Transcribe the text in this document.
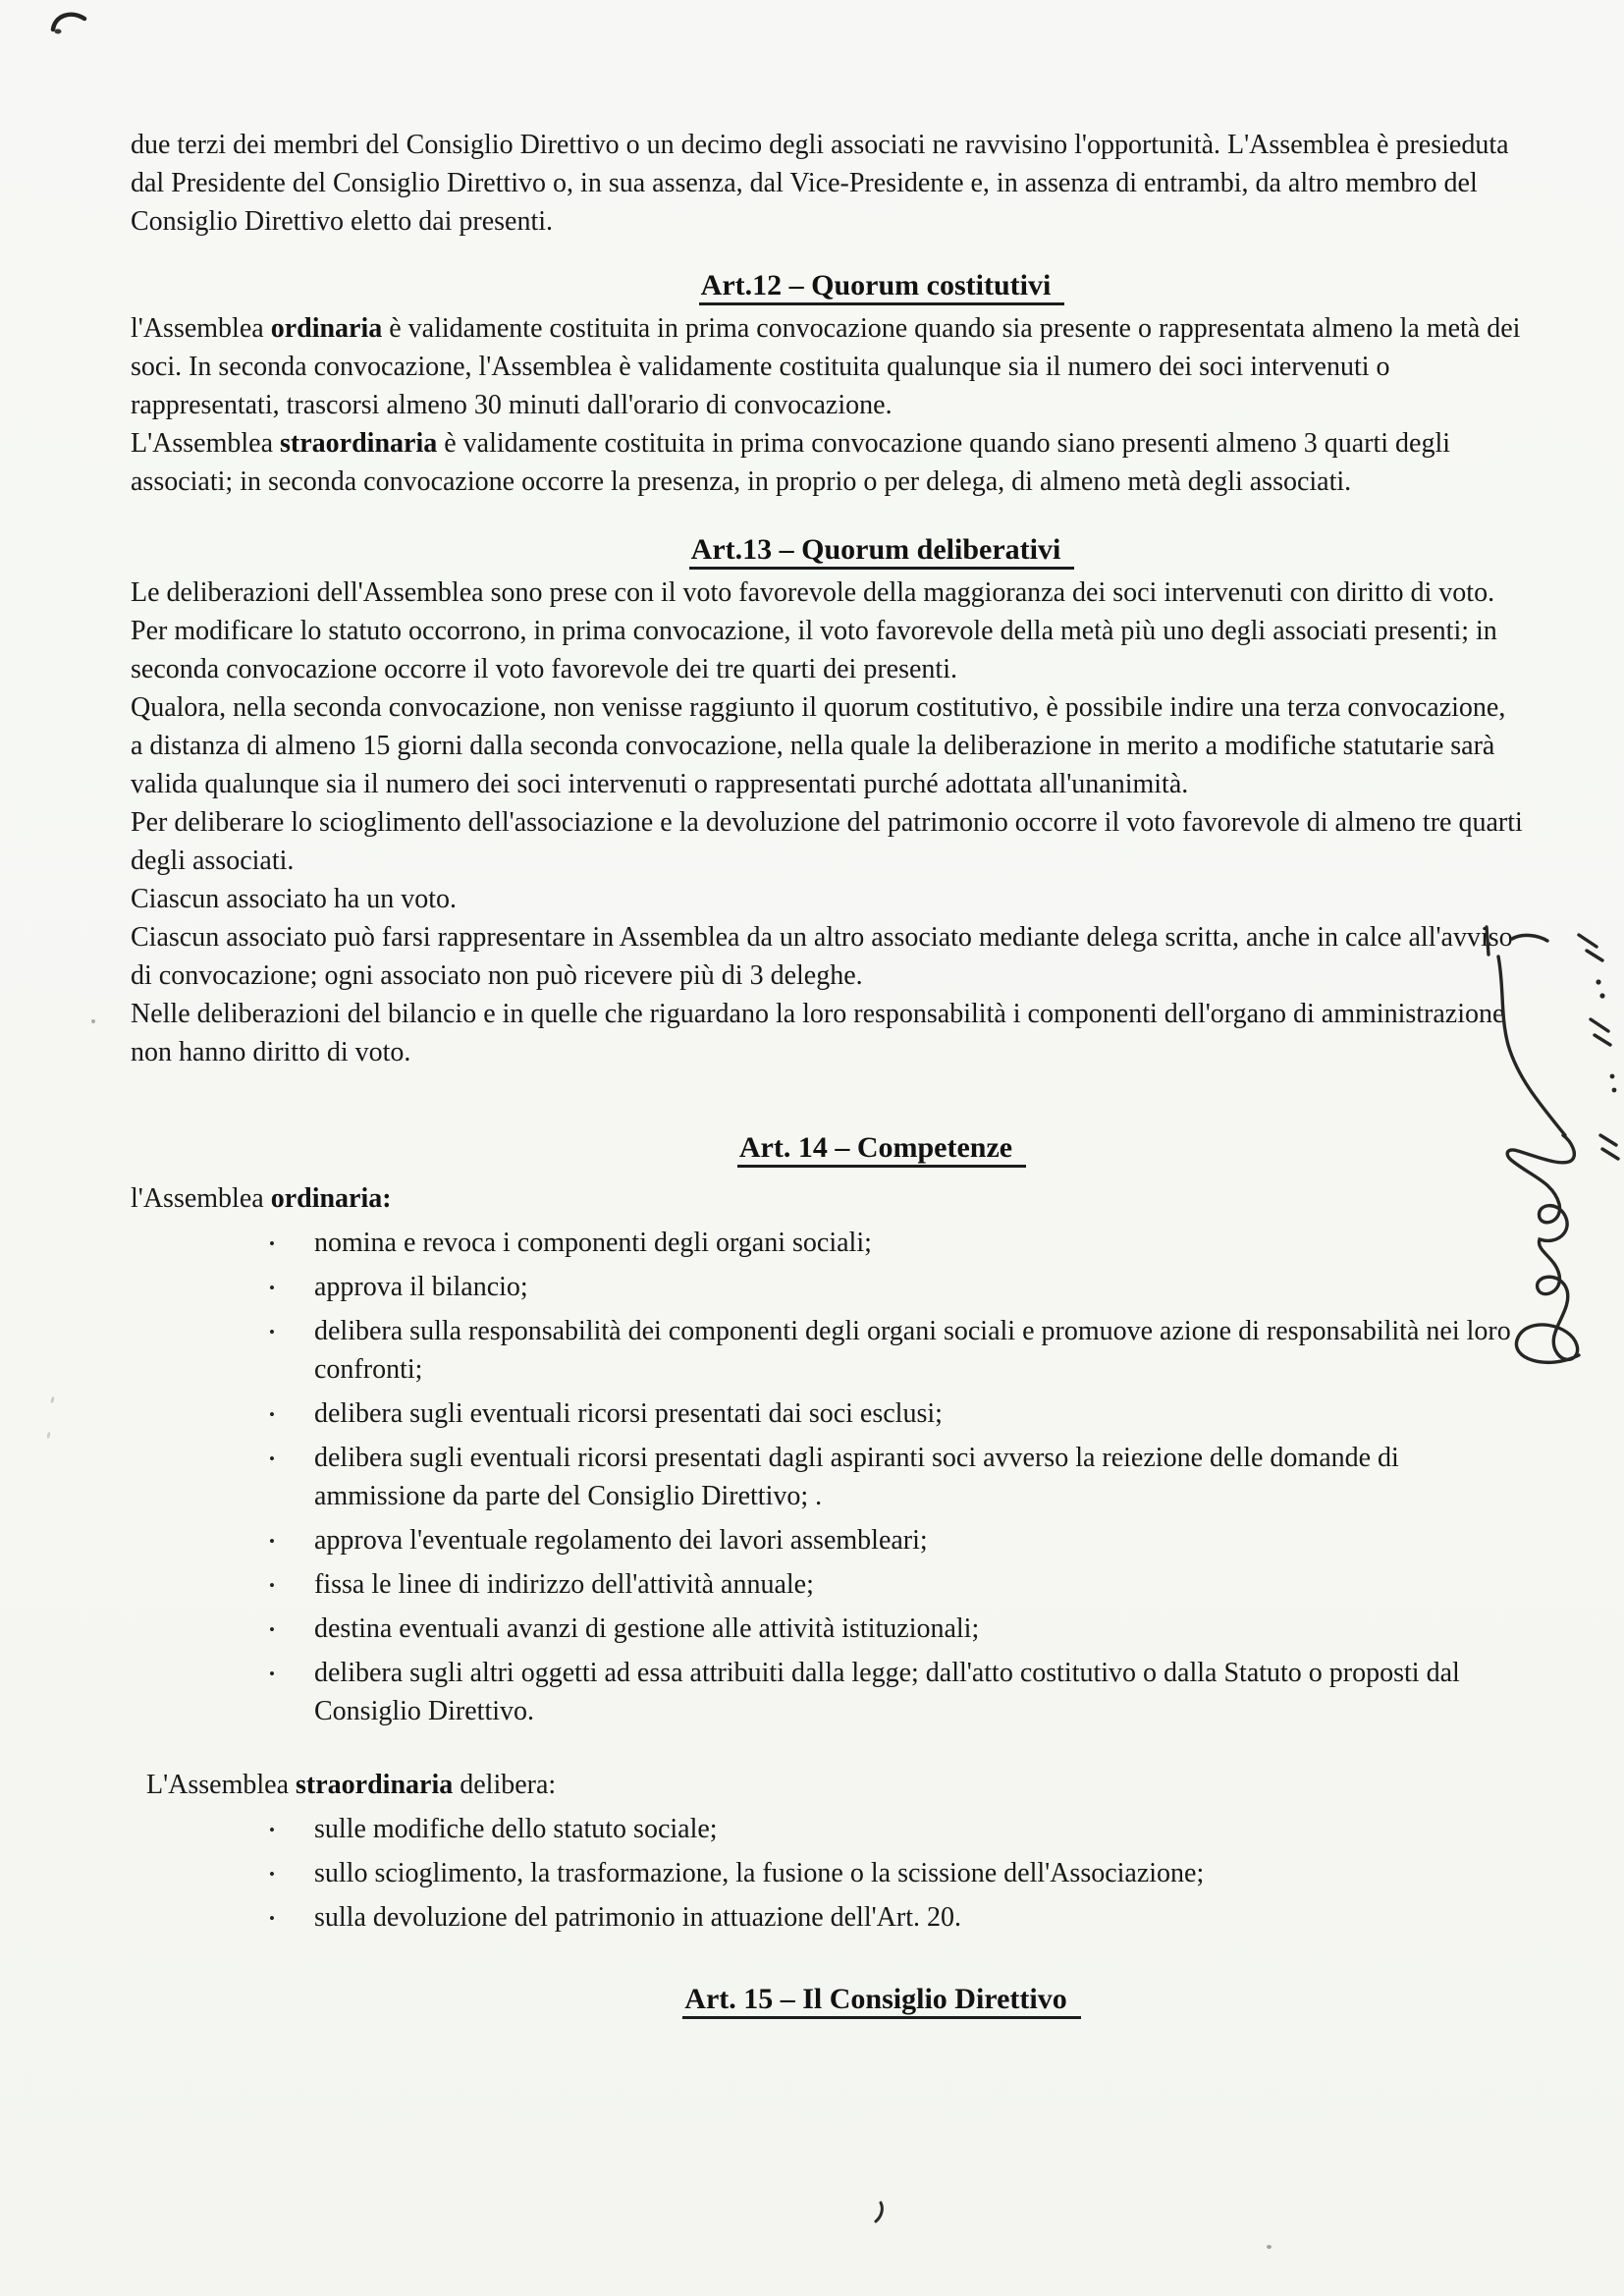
due terzi dei membri del Consiglio Direttivo o un decimo degli associati ne ravvisino l'opportunità. L'Assemblea è presieduta dal Presidente del Consiglio Direttivo o, in sua assenza, dal Vice-Presidente e, in assenza di entrambi, da altro membro del Consiglio Direttivo eletto dai presenti.

Art.12 – Quorum costitutivi

l'Assemblea ordinaria è validamente costituita in prima convocazione quando sia presente o rappresentata almeno la metà dei soci. In seconda convocazione, l'Assemblea è validamente costituita qualunque sia il numero dei soci intervenuti o rappresentati, trascorsi almeno 30 minuti dall'orario di convocazione.

L'Assemblea straordinaria è validamente costituita in prima convocazione quando siano presenti almeno 3 quarti degli associati; in seconda convocazione occorre la presenza, in proprio o per delega, di almeno metà degli associati.

Art.13 – Quorum deliberativi

Le deliberazioni dell'Assemblea sono prese con il voto favorevole della maggioranza dei soci intervenuti con diritto di voto. Per modificare lo statuto occorrono, in prima convocazione, il voto favorevole della metà più uno degli associati presenti; in seconda convocazione occorre il voto favorevole dei tre quarti dei presenti.

Qualora, nella seconda convocazione, non venisse raggiunto il quorum costitutivo, è possibile indire una terza convocazione, a distanza di almeno 15 giorni dalla seconda convocazione, nella quale la deliberazione in merito a modifiche statutarie sarà valida qualunque sia il numero dei soci intervenuti o rappresentati purché adottata all'unanimità.

Per deliberare lo scioglimento dell'associazione e la devoluzione del patrimonio occorre il voto favorevole di almeno tre quarti degli associati.

Ciascun associato ha un voto.

Ciascun associato può farsi rappresentare in Assemblea da un altro associato mediante delega scritta, anche in calce all'avviso di convocazione; ogni associato non può ricevere più di 3 deleghe.

Nelle deliberazioni del bilancio e in quelle che riguardano la loro responsabilità i componenti dell'organo di amministrazione non hanno diritto di voto.

Art. 14 – Competenze

l'Assemblea ordinaria:

• nomina e revoca i componenti degli organi sociali;
• approva il bilancio;
• delibera sulla responsabilità dei componenti degli organi sociali e promuove azione di responsabilità nei loro confronti;
• delibera sugli eventuali ricorsi presentati dai soci esclusi;
• delibera sugli eventuali ricorsi presentati dagli aspiranti soci avverso la reiezione delle domande di ammissione da parte del Consiglio Direttivo; .
• approva l'eventuale regolamento dei lavori assembleari;
• fissa le linee di indirizzo dell'attività annuale;
• destina eventuali avanzi di gestione alle attività istituzionali;
• delibera sugli altri oggetti ad essa attribuiti dalla legge; dall'atto costitutivo o dalla Statuto o proposti dal Consiglio Direttivo.

L'Assemblea straordinaria delibera:

• sulle modifiche dello statuto sociale;
• sullo scioglimento, la trasformazione, la fusione o la scissione dell'Associazione;
• sulla devoluzione del patrimonio in attuazione dell'Art. 20.
Art. 15 – Il Consiglio Direttivo
